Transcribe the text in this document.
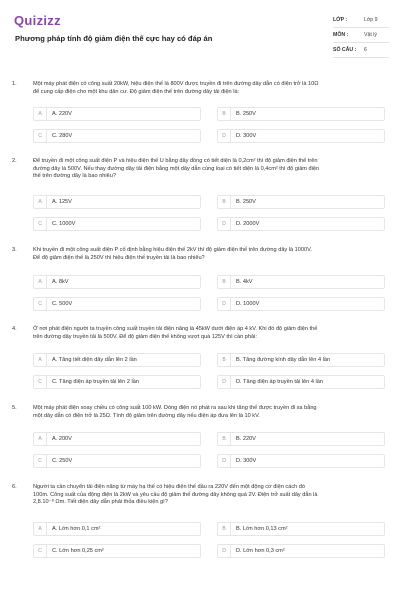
Quizizz
Phương pháp tính độ giảm điện thế cực hay có đáp án
LỚP :	Lớp 9
MÔN :	Vật lý
SỐ CÂU : 6
1.	Một máy phát điện có công suất 20kW, hiệu điện thế là 800V được truyền đi trên đường dây dẫn có điện trở là 10Ω
để cung cấp điện cho một khu dân cư. Độ giảm điện thế trên đường dây tải điện là:
A	A. 220V	B	B. 250V
C	C. 280V	D	D. 300V
2.	Để truyền đi một công suất điện P và hiệu điện thế U bằng dây đồng có tiết diện là 0,2cm² thì độ giảm điện thế trên
đường dây là 500V. Nếu thay đường dây tải điện bằng một dây dẫn cùng loại có tiết diện là 0,4cm² thì độ giảm điện
thế trên đường dây là bao nhiêu?
A	A. 125V	B	B. 250V
C	C. 1000V	D	D. 2000V
3.	Khi truyền đi một công suất điện P cố định bằng hiệu điện thế 2kV thì độ giảm điện thế trên đường dây là 1000V.
Để độ giảm điện thế là 250V thì hiệu điện thế truyền tải là bao nhiêu?
A	A. 8kV	B	B. 4kV
C	C. 500V	D	D. 1000V
4.	Ở nơi phát điện người ta truyền công suất truyền tải điện năng là 45kW dưới điện áp 4 kV. Khi đó độ giảm điện thế
trên đường dây truyền tải là 500V. Để độ giảm điện thế không vượt quá 125V thì cần phải:
A	A. Tăng tiết diện dây dẫn lên 2 lần	B	B. Tăng đường kính dây dẫn lên 4 lần
C	C. Tăng điện áp truyền tải lên 2 lần	D	D. Tăng điện áp truyền tải lên 4 lần
5.	Một máy phát điện xoay chiều có công suất 100 kW. Dòng điện nó phát ra sau khi tăng thế được truyền đi xa bằng
một dây dẫn có điện trở là 25Ω. Tính độ giảm trên đường dây nếu điện áp đưa lên là 10 kV.
A	A. 200V	B	B. 220V
C	C. 250V	D	D. 300V
6.	Người ta cần chuyển tải điện năng từ máy hạ thế có hiệu điện thế đầu ra 220V đến một động cơ điện cách đó
100m. Công suất của động điện là 2kW và yêu cầu độ giảm thế đường dây không quá 2V. Điện trở suất dây dẫn là
2,8.10⁻⁸ Ωm. Tiết diện dây dẫn phải thỏa điều kiện gì?
A	A. Lớn hơn 0,1 cm²	B	B. Lớn hơn 0,13 cm²
C	C. Lớn hơn 0,25 cm²	D	D. Lớn hơn 0,3 cm²
